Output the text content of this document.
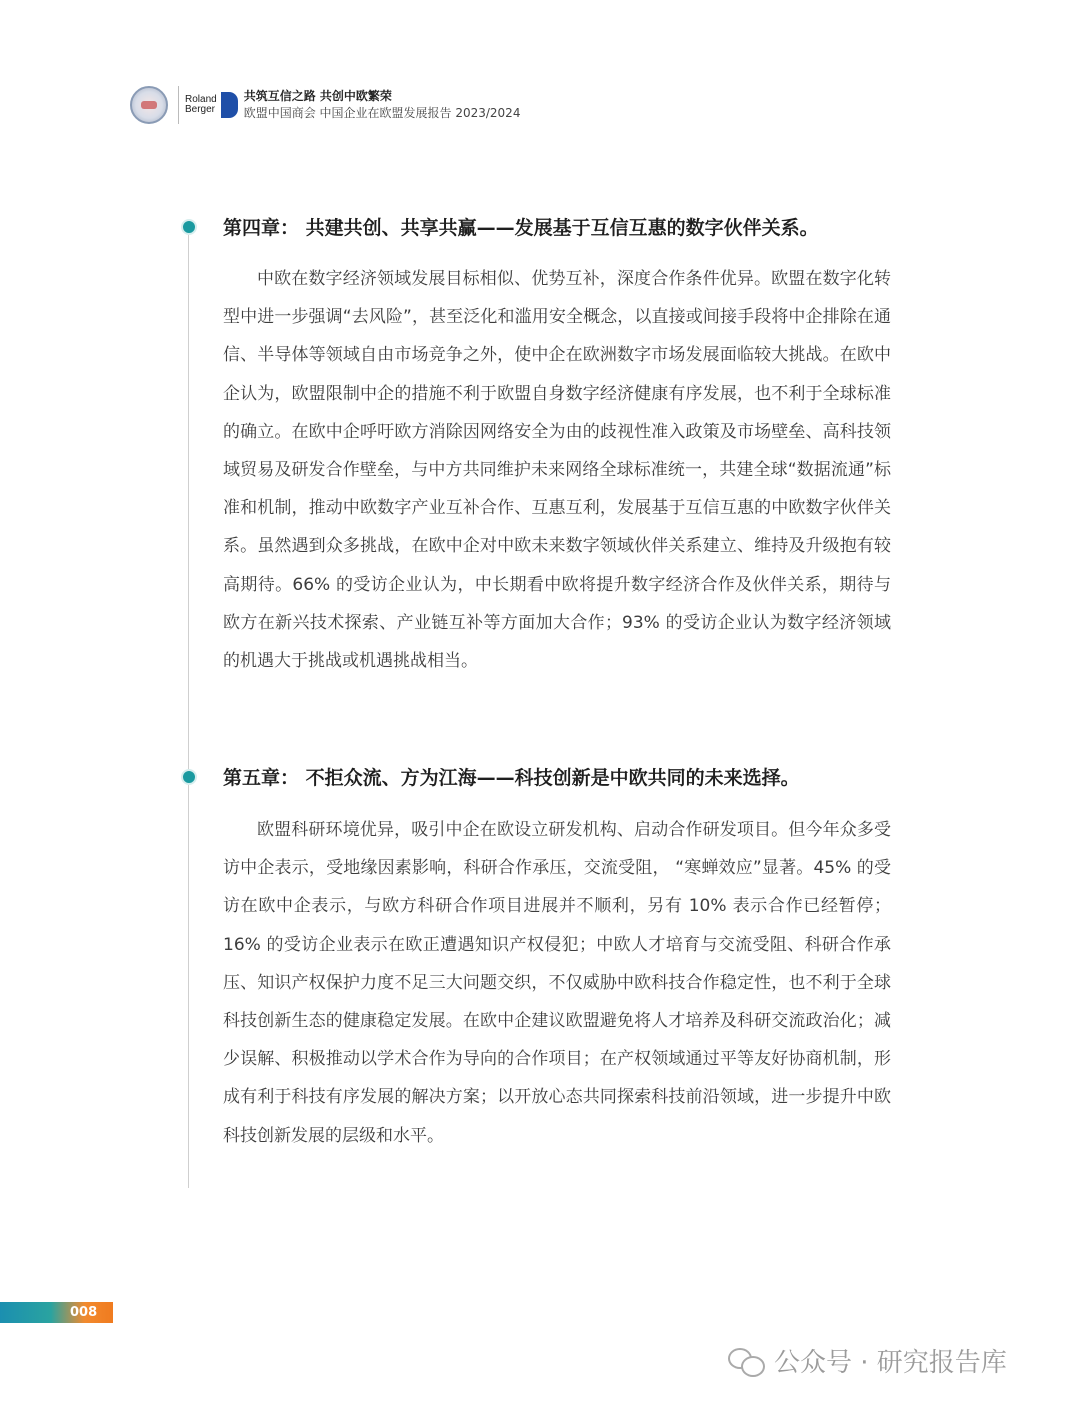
Roland
Berger
共筑互信之路 共创中欧繁荣
欧盟中国商会 中国企业在欧盟发展报告 2023/2024
第四章： 共建共创、共享共赢——发展基于互信互惠的数字伙伴关系。

中欧在数字经济领域发展目标相似、优势互补，深度合作条件优异。欧盟在数字化转型中进一步强调“去风险”，甚至泛化和滥用安全概念，以直接或间接手段将中企排除在通信、半导体等领域自由市场竞争之外，使中企在欧洲数字市场发展面临较大挑战。在欧中企认为，欧盟限制中企的措施不利于欧盟自身数字经济健康有序发展，也不利于全球标准的确立。在欧中企呼吁欧方消除因网络安全为由的歧视性准入政策及市场壁垒、高科技领域贸易及研发合作壁垒，与中方共同维护未来网络全球标准统一，共建全球“数据流通”标准和机制，推动中欧数字产业互补合作、互惠互利，发展基于互信互惠的中欧数字伙伴关系。虽然遇到众多挑战，在欧中企对中欧未来数字领域伙伴关系建立、维持及升级抱有较高期待。66% 的受访企业认为，中长期看中欧将提升数字经济合作及伙伴关系，期待与欧方在新兴技术探索、产业链互补等方面加大合作；93% 的受访企业认为数字经济领域的机遇大于挑战或机遇挑战相当。

第五章： 不拒众流、方为江海——科技创新是中欧共同的未来选择。

欧盟科研环境优异，吸引中企在欧设立研发机构、启动合作研发项目。但今年众多受访中企表示，受地缘因素影响，科研合作承压，交流受阻， “寒蝉效应”显著。45% 的受访在欧中企表示，与欧方科研合作项目进展并不顺利，另有 10% 表示合作已经暂停；16% 的受访企业表示在欧正遭遇知识产权侵犯；中欧人才培育与交流受阻、科研合作承压、知识产权保护力度不足三大问题交织，不仅威胁中欧科技合作稳定性，也不利于全球科技创新生态的健康稳定发展。在欧中企建议欧盟避免将人才培养及科研交流政治化；减少误解、积极推动以学术合作为导向的合作项目；在产权领域通过平等友好协商机制，形成有利于科技有序发展的解决方案；以开放心态共同探索科技前沿领域，进一步提升中欧科技创新发展的层级和水平。

008
公众号 · 研究报告库
